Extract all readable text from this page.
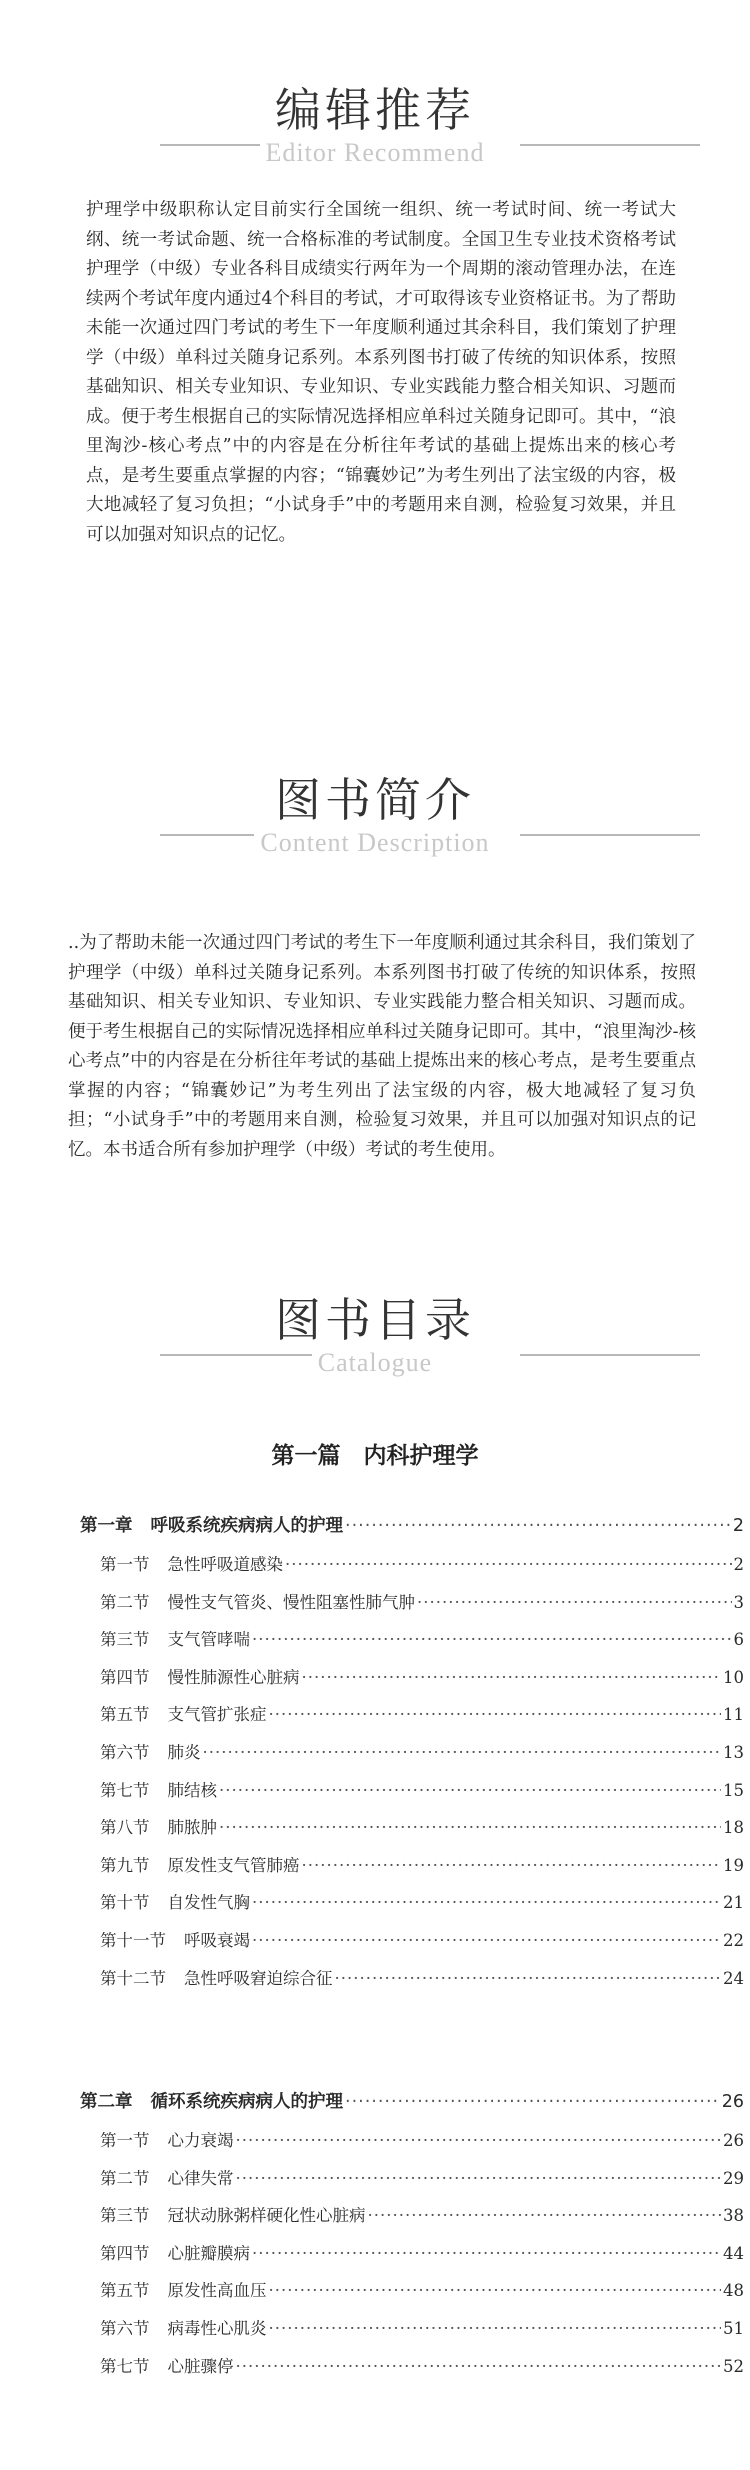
编辑推荐
Editor Recommend
护理学中级职称认定目前实行全国统一组织、统一考试时间、统一考试大纲、统一考试命题、统一合格标准的考试制度。全国卫生专业技术资格考试护理学（中级）专业各科目成绩实行两年为一个周期的滚动管理办法，在连续两个考试年度内通过4个科目的考试，才可取得该专业资格证书。为了帮助未能一次通过四门考试的考生下一年度顺利通过其余科目，我们策划了护理学（中级）单科过关随身记系列。本系列图书打破了传统的知识体系，按照基础知识、相关专业知识、专业知识、专业实践能力整合相关知识、习题而成。便于考生根据自己的实际情况选择相应单科过关随身记即可。其中，“浪里淘沙-核心考点”中的内容是在分析往年考试的基础上提炼出来的核心考点，是考生要重点掌握的内容；“锦囊妙记”为考生列出了法宝级的内容，极大地减轻了复习负担；“小试身手”中的考题用来自测，检验复习效果，并且可以加强对知识点的记忆。
图书简介
Content Description
..为了帮助未能一次通过四门考试的考生下一年度顺利通过其余科目，我们策划了护理学（中级）单科过关随身记系列。本系列图书打破了传统的知识体系，按照基础知识、相关专业知识、专业知识、专业实践能力整合相关知识、习题而成。便于考生根据自己的实际情况选择相应单科过关随身记即可。其中，“浪里淘沙-核心考点”中的内容是在分析往年考试的基础上提炼出来的核心考点，是考生要重点掌握的内容；“锦囊妙记”为考生列出了法宝级的内容，极大地减轻了复习负担；“小试身手”中的考题用来自测，检验复习效果，并且可以加强对知识点的记忆。本书适合所有参加护理学（中级）考试的考生使用。
图书目录
Catalogue
第一篇　内科护理学
第一章 呼吸系统疾病病人的护理 ·····	2
第一节 急性呼吸道感染 ·····	2
第二节 慢性支气管炎、慢性阻塞性肺气肿 ·····	3
第三节 支气管哮喘 ·····	6
第四节 慢性肺源性心脏病 ·····	10
第五节 支气管扩张症 ·····	11
第六节 肺炎 ·····	13
第七节 肺结核 ·····	15
第八节 肺脓肿 ·····	18
第九节 原发性支气管肺癌 ·····	19
第十节 自发性气胸 ·····	21
第十一节 呼吸衰竭 ·····	22
第十二节 急性呼吸窘迫综合征 ·····	24
第二章 循环系统疾病病人的护理 ·····	26
第一节 心力衰竭 ·····	26
第二节 心律失常 ·····	29
第三节 冠状动脉粥样硬化性心脏病 ·····	38
第四节 心脏瓣膜病 ·····	44
第五节 原发性高血压 ·····	48
第六节 病毒性心肌炎 ·····	51
第七节 心脏骤停 ·····	52
